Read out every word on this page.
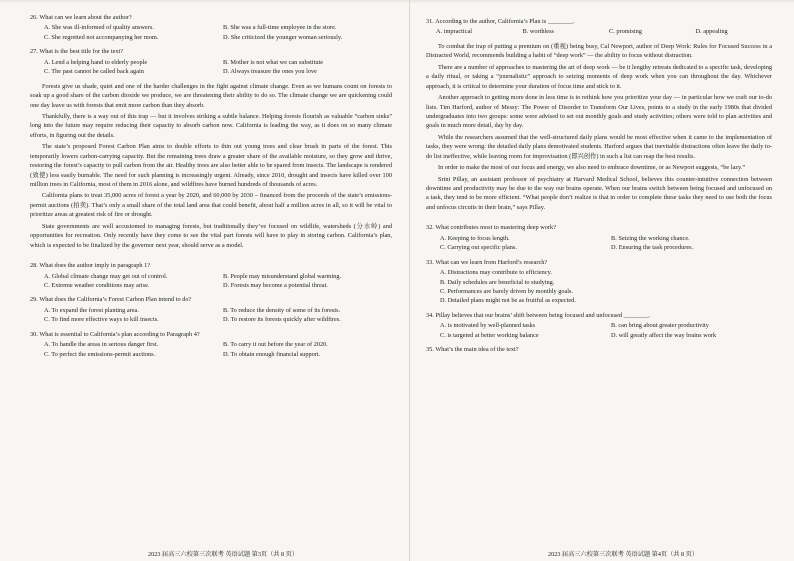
26. What can we learn about the author?
A. She was ill-informed of quality answers.	B. She was a full-time employee in the store.
C. She regretted not accompanying her mom.	D. She criticized the younger woman seriously.
27. What is the best title for the text?
A. Lend a helping hand to elderly people	B. Mother is not what we can substitute
C. The past cannot be called back again	D. Always treasure the ones you love

Forests give us shade, quiet and one of the harder challenges in the fight against climate change. Even as we humans count on forests to soak up a good share of the carbon dioxide we produce, we are threatening their ability to do so. The climate change we are quickening could one day leave us with forests that emit more carbon than they absorb.

Thankfully, there is a way out of this trap — but it involves striking a subtle balance. Helping forests flourish as valuable “carbon sinks” long into the future may require reducing their capacity to absorb carbon now. California is leading the way, as it does on so many climate efforts, in figuring out the details.

The state’s proposed Forest Carbon Plan aims to double efforts to thin out young trees and clear brush in parts of the forest. This temporarily lowers carbon-carrying capacity. But the remaining trees draw a greater share of the available moisture, so they grow and thrive, restoring the forest’s capacity to pull carbon from the air. Healthy trees are also better able to be spared from insects. The landscape is rendered (致使) less easily burnable. The need for such planning is increasingly urgent. Already, since 2010, drought and insects have killed over 100 million trees in California, most of them in 2016 alone, and wildfires have burned hundreds of thousands of acres.

California plans to treat 35,000 acres of forest a year by 2020, and 60,000 by 2030 – financed from the proceeds of the state’s emissions-permit auctions (拍卖). That’s only a small share of the total land area that could benefit, about half a million acres in all, so it will be vital to prioritize areas at greatest risk of fire or drought.

State governments are well accustomed to managing forests, but traditionally they’ve focused on wildlife, watersheds (分水岭) and opportunities for recreation. Only recently have they come to see the vital part forests will have to play in storing carbon. California’s plan, which is expected to be finalized by the governor next year, should serve as a model.

28. What does the author imply in paragraph 1?
A. Global climate change may get out of control.	B. People may misunderstand global warming.
C. Extreme weather conditions may arise.	D. Forests may become a potential threat.
29. What does the California’s Forest Carbon Plan intend to do?
A. To expand the forest planting area.	B. To reduce the density of some of its forests.
C. To find more effective ways to kill insects.	D. To restore its forests quickly after wildfires.
30. What is essential to California’s plan according to Paragraph 4?
A. To handle the areas in serious danger first.	B. To carry it out before the year of 2020.
C. To perfect the emissions-permit auctions.	D. To obtain enough financial support.
31. According to the author, California’s Plan is ________.
A. impractical	B. worthless	C. promising	D. appealing

To combat the trap of putting a premium on (重视) being busy, Cal Newport, author of Deep Work: Rules for Focused Success in a Distracted World, recommends building a habit of “deep work” — the ability to focus without distraction.

There are a number of approaches to mastering the art of deep work — be it lengthy retreats dedicated to a specific task, developing a daily ritual, or taking a “journalistic” approach to seizing moments of deep work when you can throughout the day. Whichever approach, it is critical to determine your duration of focus time and stick to it.

Another approach to getting more done in less time is to rethink how you prioritize your day — in particular how we craft our to-do lists. Tim Harford, author of Messy: The Power of Disorder to Transform Our Lives, points to a study in the early 1980s that divided undergraduates into two groups: some were advised to set out monthly goals and study activities; others were told to plan activities and goals in much more detail, day by day.

While the researchers assumed that the well-structured daily plans would be most effective when it came to the implementation of tasks, they were wrong: the detailed daily plans demotivated students. Harford argues that inevitable distractions often leave the daily to-do list ineffective, while leaving room for improvisation (即兴创作) in such a list can reap the best results.

In order to make the most of our focus and energy, we also need to embrace downtime, or as Newport suggests, “be lazy.”

Srini Pillay, an assistant professor of psychiatry at Harvard Medical School, believes this counter-intuitive connection between downtime and productivity may be due to the way our brains operate. When our brains switch between being focused and unfocused on a task, they tend to be more efficient. “What people don’t realize is that in order to complete these tasks they need to use both the focus and unfocus circuits in their brain,” says Pillay.

32. What contributes most to mastering deep work?
A. Keeping to focus length.	B. Seizing the working chance.
C. Carrying out specific plans.	D. Ensuring the task procedures.
33. What can we learn from Harford’s research?
A. Distractions may contribute to efficiency.
B. Daily schedules are beneficial to studying.
C. Performances are barely driven by monthly goals.
D. Detailed plans might not be as fruitful as expected.
34. Pillay believes that our brains’ shift between being focused and unfocused ________.
A. is motivated by well-planned tasks	B. can bring about greater productivity
C. is targeted at better working balance	D. will greatly affect the way brains work
35. What’s the main idea of the text?
2023 届高三六校第三次联考 英语试题 第3页（共 8 页）	2023 届高三六校第三次联考 英语试题 第4页（共 8 页）
